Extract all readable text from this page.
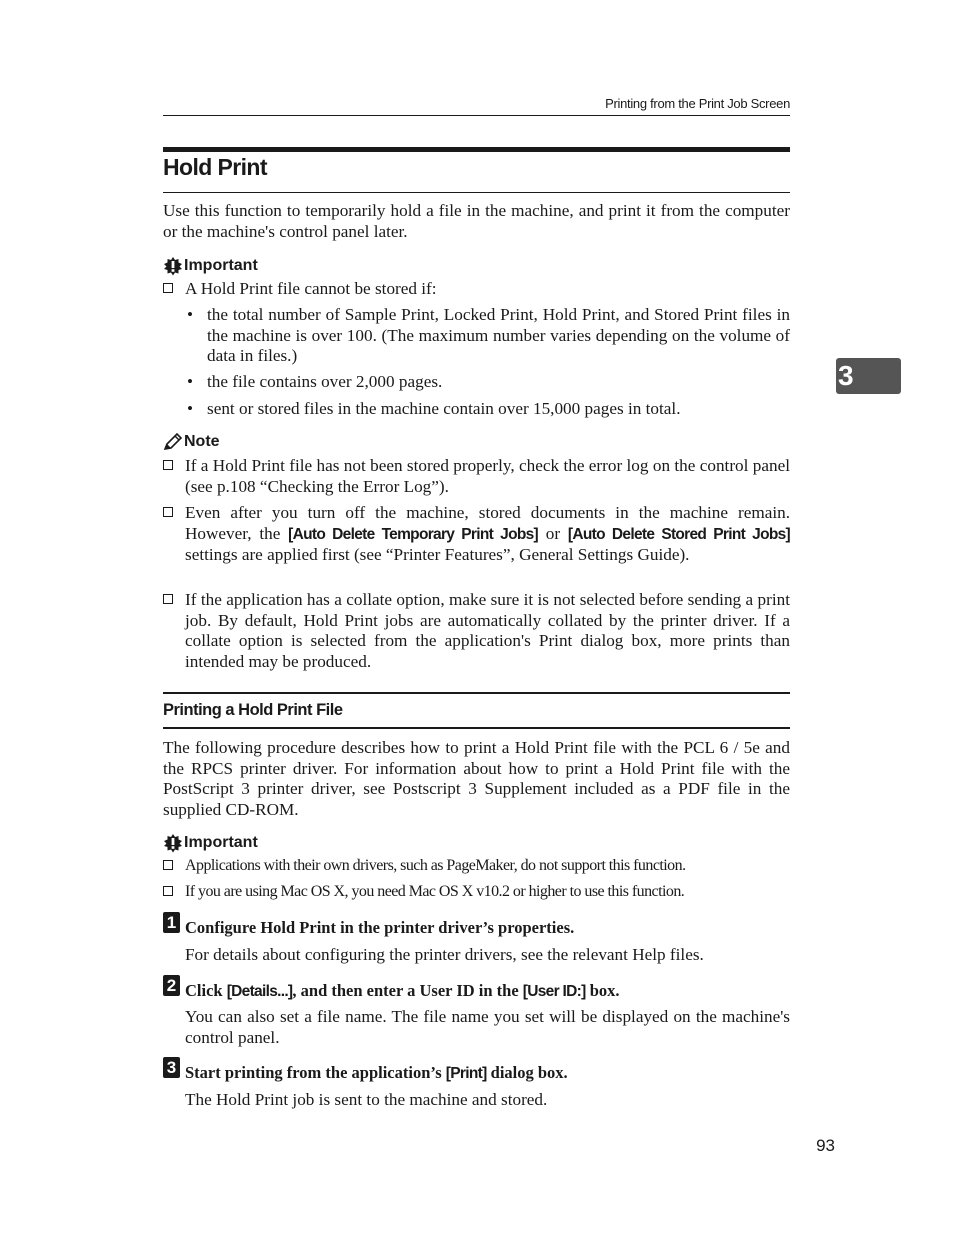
Printing from the Print Job Screen
3
Hold Print

Use this function to temporarily hold a file in the machine, and print it from the computer or the machine's control panel later.

Important
A Hold Print file cannot be stored if:
• the total number of Sample Print, Locked Print, Hold Print, and Stored Print files in the machine is over 100. (The maximum number varies depending on the volume of data in files.)
• the file contains over 2,000 pages.
• sent or stored files in the machine contain over 15,000 pages in total.
Note
If a Hold Print file has not been stored properly, check the error log on the control panel (see p.108 “Checking the Error Log”).
Even after you turn off the machine, stored documents in the machine remain. However, the [Auto Delete Temporary Print Jobs] or [Auto Delete Stored Print Jobs] settings are applied first (see “Printer Features”, General Settings Guide).
If the application has a collate option, make sure it is not selected before sending a print job. By default, Hold Print jobs are automatically collated by the printer driver. If a collate option is selected from the application's Print dialog box, more prints than intended may be produced.
Printing a Hold Print File

The following procedure describes how to print a Hold Print file with the PCL 6 / 5e and the RPCS printer driver. For information about how to print a Hold Print file with the PostScript 3 printer driver, see Postscript 3 Supplement included as a PDF file in the supplied CD-ROM.

Important
Applications with their own drivers, such as PageMaker, do not support this function.
If you are using Mac OS X, you need Mac OS X v10.2 or higher to use this function.
1 Configure Hold Print in the printer driver’s properties.
For details about configuring the printer drivers, see the relevant Help files.
2 Click [Details...], and then enter a User ID in the [User ID:] box.
You can also set a file name. The file name you set will be displayed on the machine's control panel.
3 Start printing from the application’s [Print] dialog box.
The Hold Print job is sent to the machine and stored.
93
